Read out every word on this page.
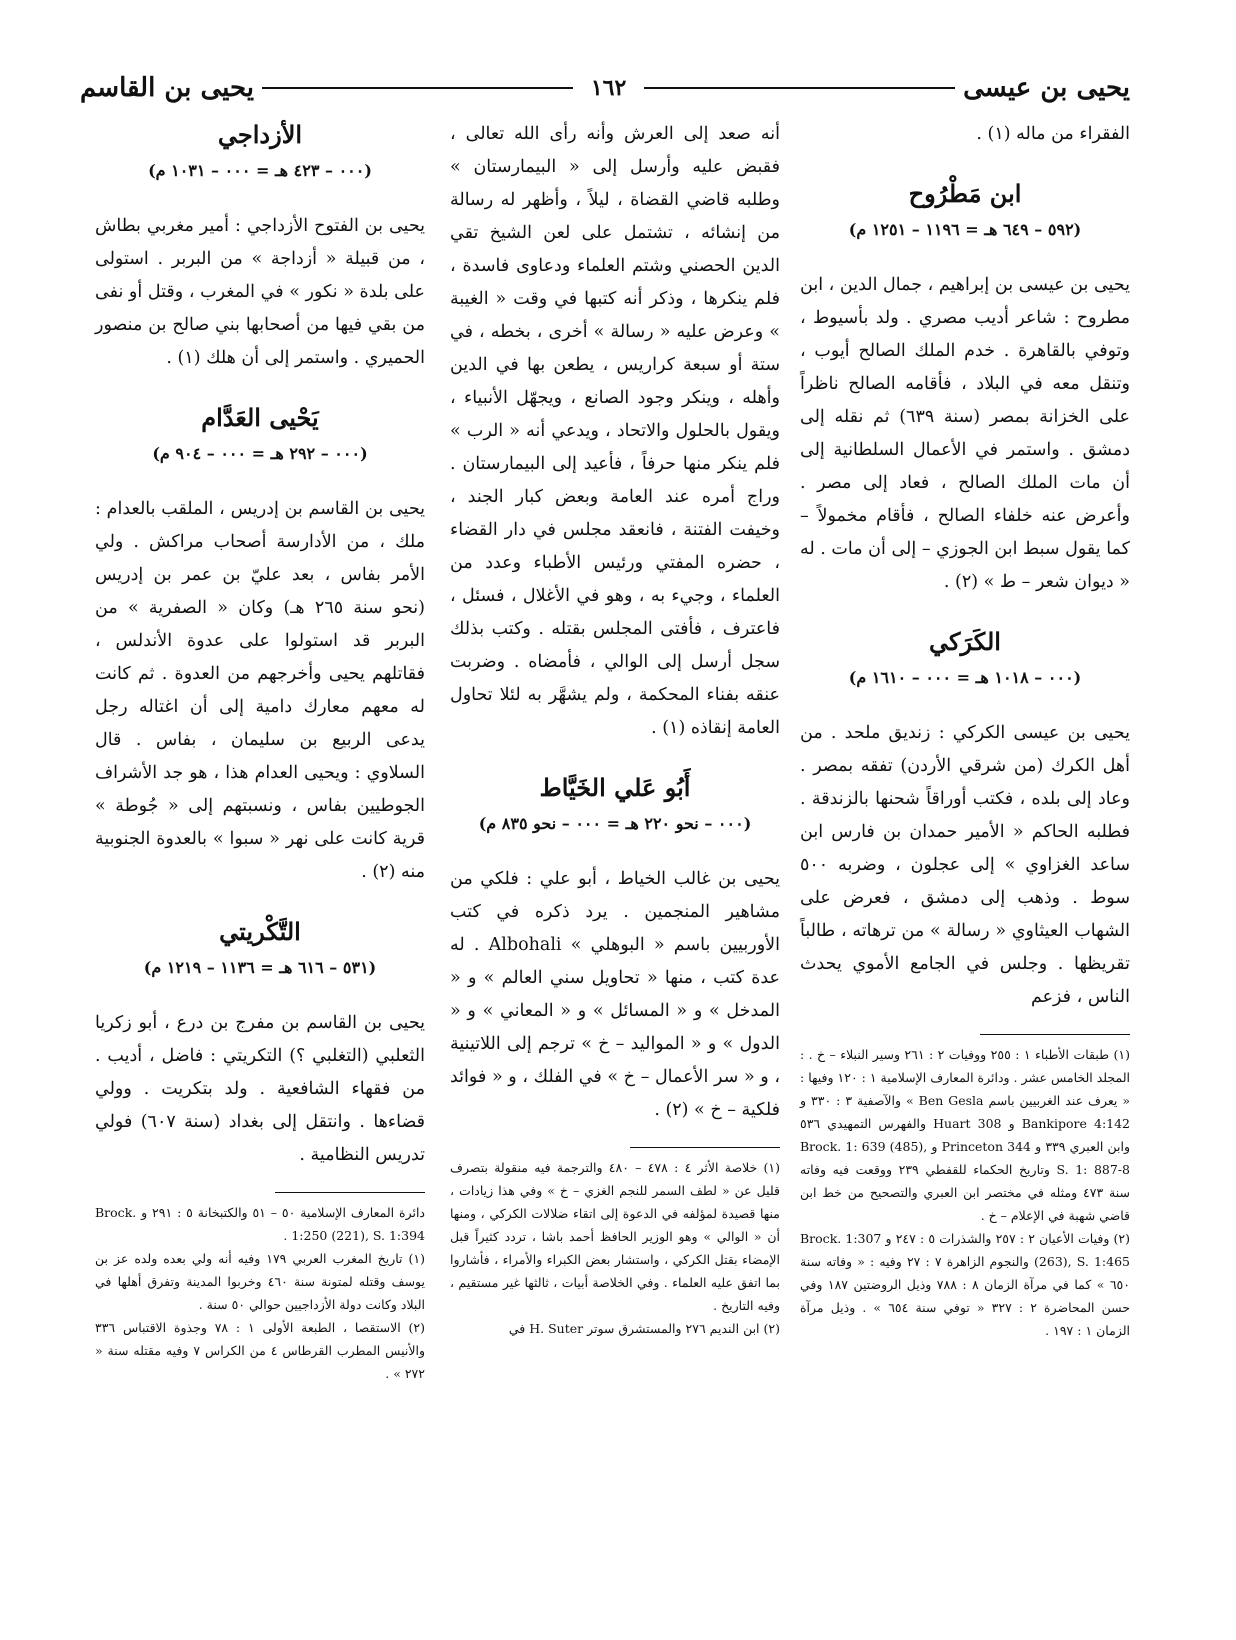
يحيى بن عيسى
١٦٢
يحيى بن القاسم

الفقراء من ماله (١) .

ابن مَطْرُوح
(٥٩٢ – ٦٤٩ هـ = ١١٩٦ – ١٢٥١ م)

يحيى بن عيسى بن إبراهيم ، جمال الدين ، ابن مطروح : شاعر أديب مصري . ولد بأسيوط ، وتوفي بالقاهرة . خدم الملك الصالح أيوب ، وتنقل معه في البلاد ، فأقامه الصالح ناظراً على الخزانة بمصر (سنة ٦٣٩) ثم نقله إلى دمشق . واستمر في الأعمال السلطانية إلى أن مات الملك الصالح ، فعاد إلى مصر . وأعرض عنه خلفاء الصالح ، فأقام مخمولاً – كما يقول سبط ابن الجوزي – إلى أن مات . له « ديوان شعر – ط » (٢) .

الكَرَكي
(٠٠٠ – ١٠١٨ هـ = ٠٠٠ – ١٦١٠ م)

يحيى بن عيسى الكركي : زنديق ملحد . من أهل الكرك (من شرقي الأردن) تفقه بمصر . وعاد إلى بلده ، فكتب أوراقاً شحنها بالزندقة . فطلبه الحاكم « الأمير حمدان بن فارس ابن ساعد الغزاوي » إلى عجلون ، وضربه ٥٠٠ سوط . وذهب إلى دمشق ، فعرض على الشهاب العيثاوي « رسالة » من ترهاته ، طالباً تقريظها . وجلس في الجامع الأموي يحدث الناس ، فزعم

(١) طبقات الأطباء ١ : ٢٥٥ ووفيات ٢ : ٢٦١ وسير النبلاء – خ . : المجلد الخامس عشر . ودائرة المعارف الإسلامية ١ : ١٢٠ وفيها : « يعرف عند الغربيين باسم Ben Gesla » والآصفية ٣ : ٣٣٠ و Bankipore 4:142 و Huart 308 والفهرس التمهيدي ٥٣٦ وابن العبري ٣٣٩ و Princeton 344 و Brock. 1: 639 (485), S. 1: 887-8 وتاريخ الحكماء للقفطي ٢٣٩ ووقعت فيه وفاته سنة ٤٧٣ ومثله في مختصر ابن العبري والتصحيح من خط ابن قاضي شهبة في الإعلام – خ .

(٢) وفيات الأعيان ٢ : ٢٥٧ والشذرات ٥ : ٢٤٧ و Brock. 1:307 (263), S. 1:465 والنجوم الزاهرة ٧ : ٢٧ وفيه : « وفاته سنة ٦٥٠ » كما في مرآة الزمان ٨ : ٧٨٨ وذيل الروضتين ١٨٧ وفي حسن المحاضرة ٢ : ٣٢٧ « توفي سنة ٦٥٤ » . وذيل مرآة الزمان ١ : ١٩٧ .

أنه صعد إلى العرش وأنه رأى الله تعالى ، فقبض عليه وأرسل إلى « البيمارستان » وطلبه قاضي القضاة ، ليلاً ، وأظهر له رسالة من إنشائه ، تشتمل على لعن الشيخ تقي الدين الحصني وشتم العلماء ودعاوى فاسدة ، فلم ينكرها ، وذكر أنه كتبها في وقت « الغيبة » وعرض عليه « رسالة » أخرى ، بخطه ، في ستة أو سبعة كراريس ، يطعن بها في الدين وأهله ، وينكر وجود الصانع ، ويجهّل الأنبياء ، ويقول بالحلول والاتحاد ، ويدعي أنه « الرب » فلم ينكر منها حرفاً ، فأعيد إلى البيمارستان . وراج أمره عند العامة وبعض كبار الجند ، وخيفت الفتنة ، فانعقد مجلس في دار القضاء ، حضره المفتي ورئيس الأطباء وعدد من العلماء ، وجيء به ، وهو في الأغلال ، فسئل ، فاعترف ، فأفتى المجلس بقتله . وكتب بذلك سجل أرسل إلى الوالي ، فأمضاه . وضربت عنقه بفناء المحكمة ، ولم يشهَّر به لئلا تحاول العامة إنقاذه (١) .

أَبُو عَلي الخَيَّاط
(٠٠٠ – نحو ٢٢٠ هـ = ٠٠٠ – نحو ٨٣٥ م)

يحيى بن غالب الخياط ، أبو علي : فلكي من مشاهير المنجمين . يرد ذكره في كتب الأوربيين باسم « البوهلي » Albohali . له عدة كتب ، منها « تحاويل سني العالم » و « المدخل » و « المسائل » و « المعاني » و « الدول » و « المواليد – خ » ترجم إلى اللاتينية ، و « سر الأعمال – خ » في الفلك ، و « فوائد فلكية – خ » (٢) .

(١) خلاصة الأثر ٤ : ٤٧٨ – ٤٨٠ والترجمة فيه منقولة بتصرف قليل عن « لطف السمر للنجم الغزي – خ » وفي هذا زيادات ، منها قصيدة لمؤلفه في الدعوة إلى اتقاء ضلالات الكركي ، ومنها أن « الوالي » وهو الوزير الحافظ أحمد باشا ، تردد كثيراً قبل الإمضاء بقتل الكركي ، واستشار بعض الكبراء والأمراء ، فأشاروا بما اتفق عليه العلماء . وفي الخلاصة أبيات ، ثالثها غير مستقيم ، وفيه التاريخ .

(٢) ابن النديم ٢٧٦ والمستشرق سوتر H. Suter في

الأزداجي
(٠٠٠ – ٤٢٣ هـ = ٠٠٠ – ١٠٣١ م)

يحيى بن الفتوح الأزداجي : أمير مغربي بطاش ، من قبيلة « أزداجة » من البربر . استولى على بلدة « نكور » في المغرب ، وقتل أو نفى من بقي فيها من أصحابها بني صالح بن منصور الحميري . واستمر إلى أن هلك (١) .

يَحْيى العَدَّام
(٠٠٠ – ٢٩٢ هـ = ٠٠٠ – ٩٠٤ م)

يحيى بن القاسم بن إدريس ، الملقب بالعدام : ملك ، من الأدارسة أصحاب مراكش . ولي الأمر بفاس ، بعد عليّ بن عمر بن إدريس (نحو سنة ٢٦٥ هـ) وكان « الصفرية » من البربر قد استولوا على عدوة الأندلس ، فقاتلهم يحيى وأخرجهم من العدوة . ثم كانت له معهم معارك دامية إلى أن اغتاله رجل يدعى الربيع بن سليمان ، بفاس . قال السلاوي : ويحيى العدام هذا ، هو جد الأشراف الجوطيين بفاس ، ونسبتهم إلى « جُوطة » قرية كانت على نهر « سبوا » بالعدوة الجنوبية منه (٢) .

التَّكْريتي
(٥٣١ – ٦١٦ هـ = ١١٣٦ – ١٢١٩ م)

يحيى بن القاسم بن مفرج بن درع ، أبو زكريا الثعلبي (التغلبي ؟) التكريتي : فاضل ، أديب . من فقهاء الشافعية . ولد بتكريت . وولي قضاءها . وانتقل إلى بغداد (سنة ٦٠٧) فولي تدريس النظامية .

دائرة المعارف الإسلامية ٥٠ – ٥١ والكتبخانة ٥ : ٢٩١ و Brock. 1:250 (221), S. 1:394 .

(١) تاريخ المغرب العربي ١٧٩ وفيه أنه ولي بعده ولده عز بن يوسف وقتله لمتونة سنة ٤٦٠ وخربوا المدينة وتفرق أهلها في البلاد وكانت دولة الأزداجيين حوالي ٥٠ سنة .

(٢) الاستقصا ، الطبعة الأولى ١ : ٧٨ وجذوة الاقتباس ٣٣٦ والأنيس المطرب القرطاس ٤ من الكراس ٧ وفيه مقتله سنة « ٢٧٢ » .
